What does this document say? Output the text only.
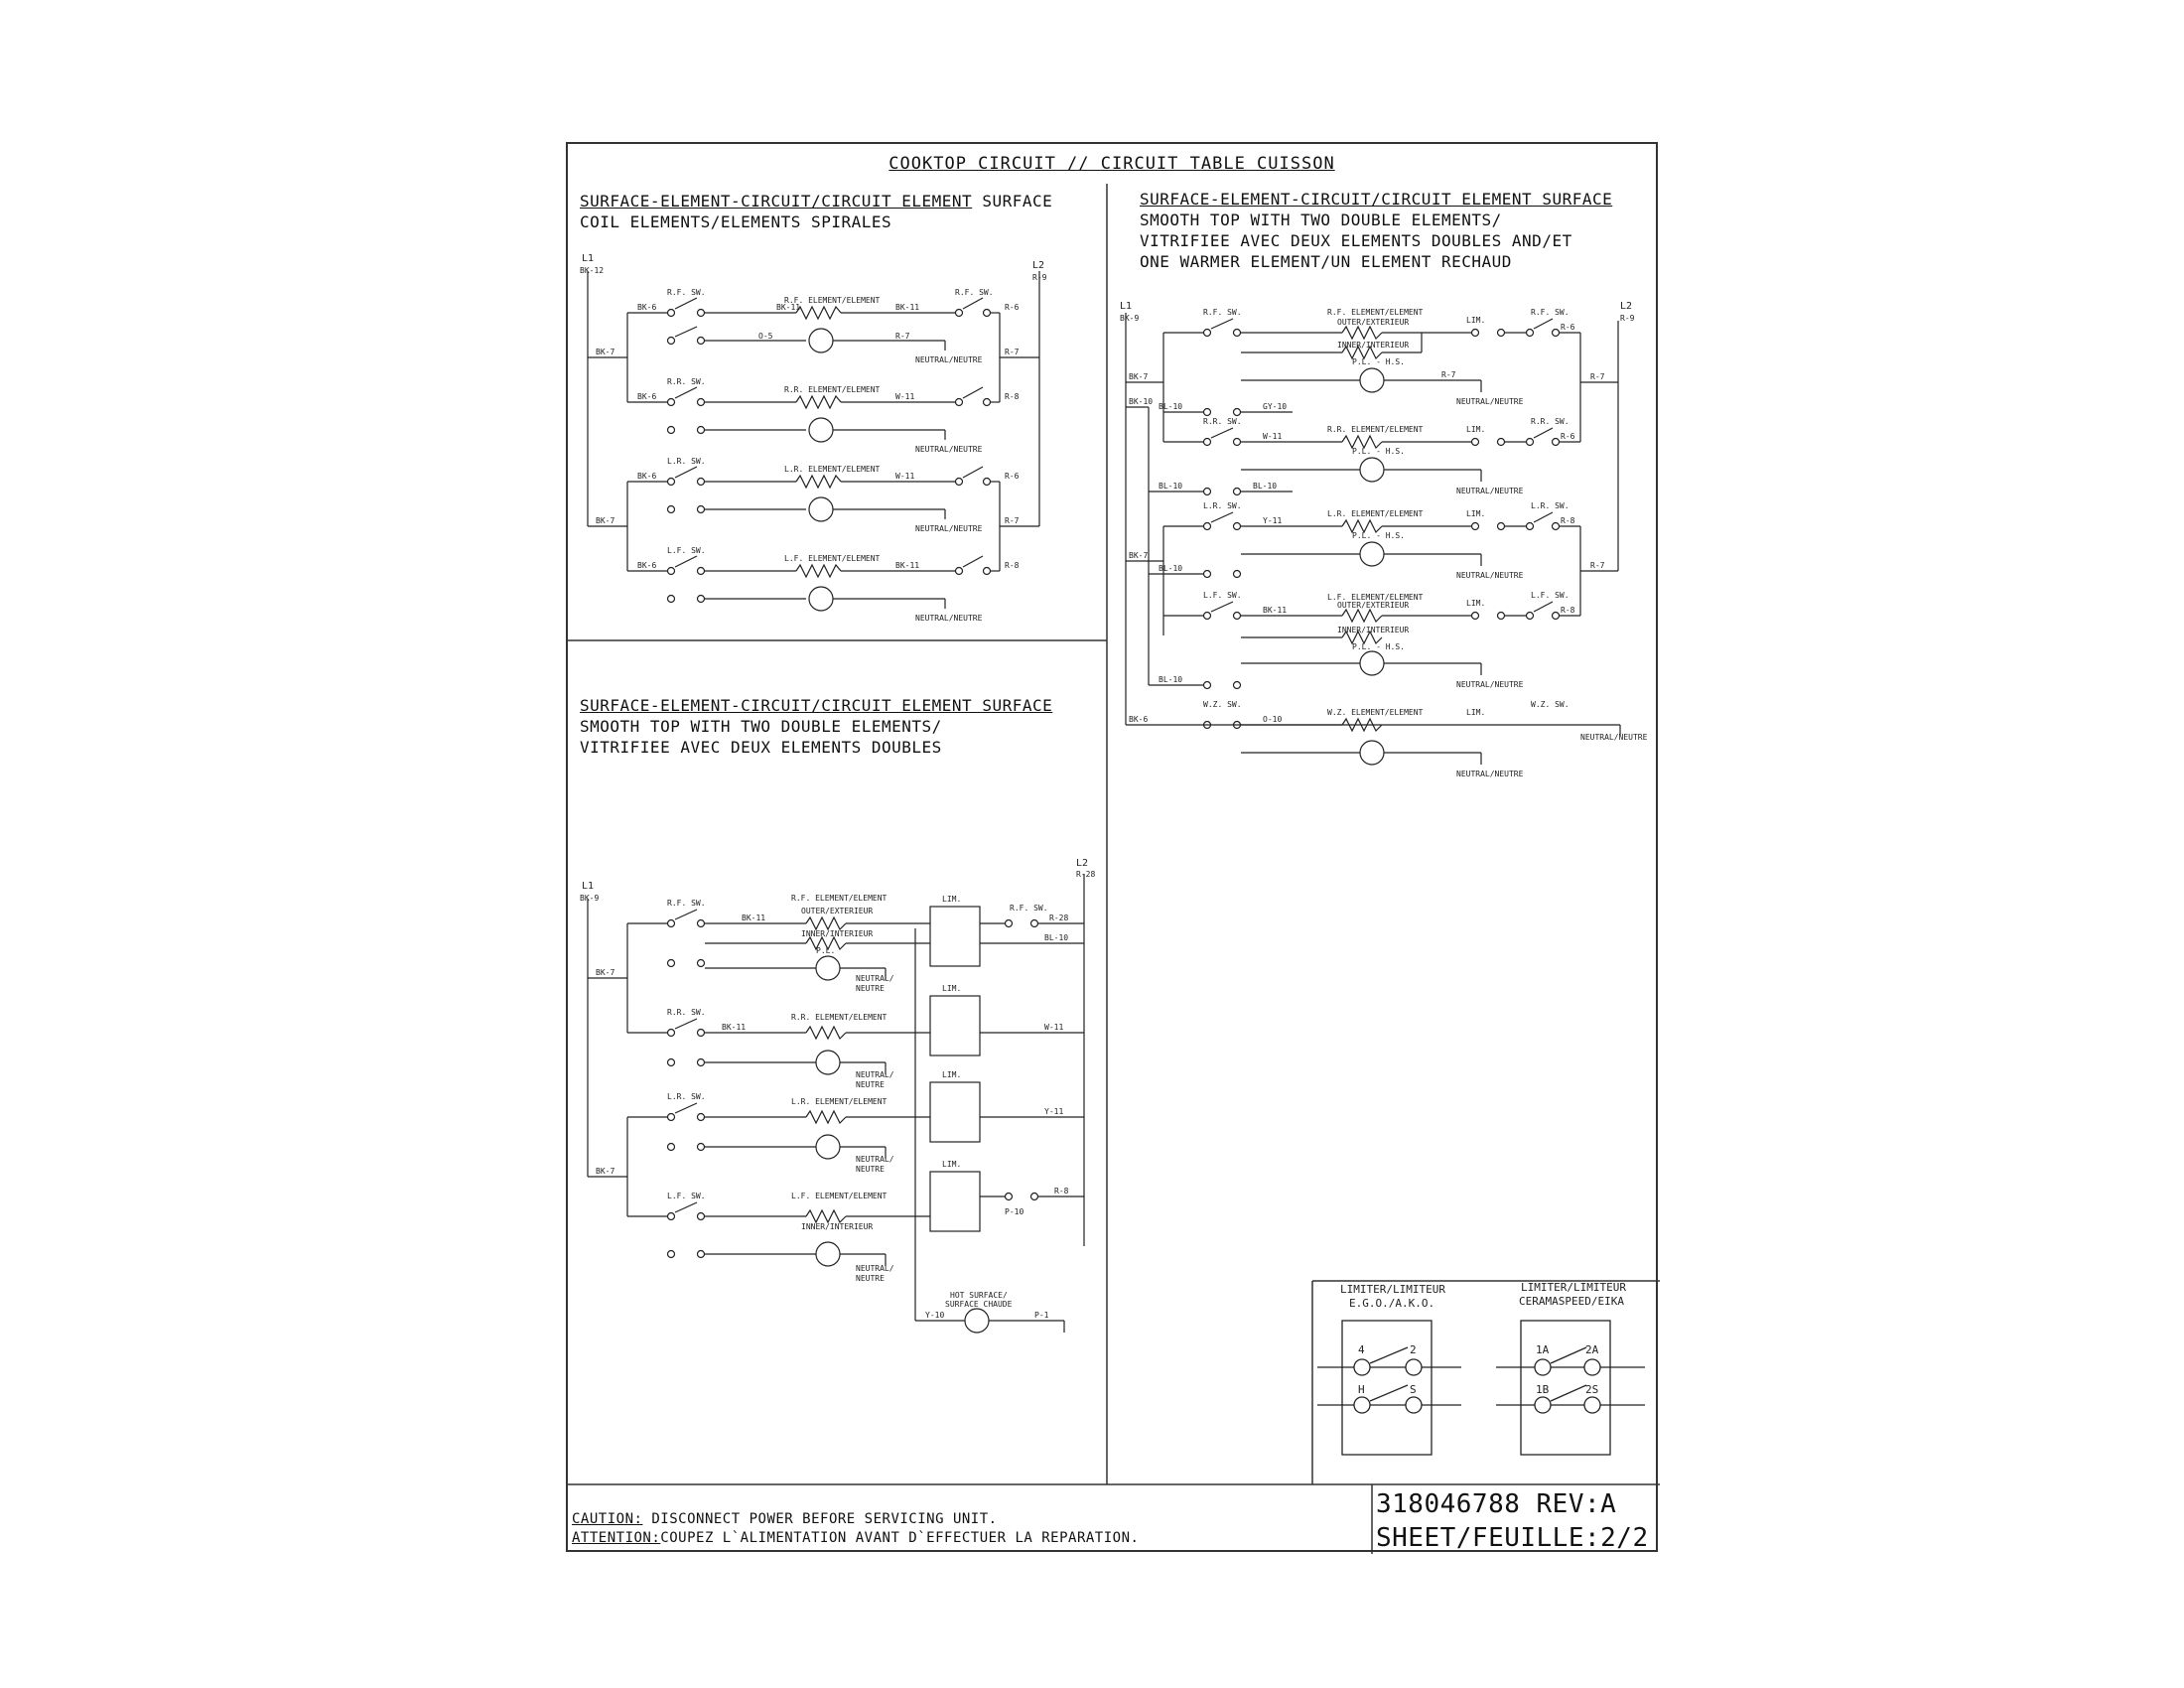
COOKTOP CIRCUIT // CIRCUIT TABLE CUISSON
SURFACE-ELEMENT-CIRCUIT/CIRCUIT ELEMENT SURFACE
COIL ELEMENTS/ELEMENTS SPIRALES
SURFACE-ELEMENT-CIRCUIT/CIRCUIT ELEMENT SURFACE
SMOOTH TOP WITH TWO DOUBLE ELEMENTS/
VITRIFIEE AVEC DEUX ELEMENTS DOUBLES AND/ET
ONE WARMER ELEMENT/UN ELEMENT RECHAUD
SURFACE-ELEMENT-CIRCUIT/CIRCUIT ELEMENT SURFACE
SMOOTH TOP WITH TWO DOUBLE ELEMENTS/
VITRIFIEE AVEC DEUX ELEMENTS DOUBLES
CAUTION: DISCONNECT POWER BEFORE SERVICING UNIT.
ATTENTION:COUPEZ L`ALIMENTATION AVANT D`EFFECTUER LA REPARATION.
318046788 REV:A
SHEET/FEUILLE:2/2
L1
BK-12	L2
R-9
BK-7
BK-7
R-7
R-7
BK-6
R.F. SW.
R.F. ELEMENT/ELEMENT
BK-11	BK-11
R.F. SW.
R-6
O-5	R-7
NEUTRAL/NEUTRE
BK-6
R.R. SW.
R.R. ELEMENT/ELEMENT
W-11	R-8
NEUTRAL/NEUTRE
BK-6
L.R. SW.
L.R. ELEMENT/ELEMENT
W-11	R-6
NEUTRAL/NEUTRE
BK-6
L.F. SW.
L.F. ELEMENT/ELEMENT
BK-11	R-8
NEUTRAL/NEUTRE
L1
BK-9
L2
R-9
BK-7
BK-10
BK-7
BK-6
R-7
R-7
R.F. SW.	R.F. ELEMENT/ELEMENT
OUTER/EXTERIEUR
INNER/INTERIEUR
P.L. - H.S.
LIM.
R.F. SW.
R-6
R-7
NEUTRAL/NEUTRE
GY-10
BL-10
R.R. SW.
R.R. ELEMENT/ELEMENT
W-11
P.L. - H.S.
LIM.
R.R. SW.
R-6
NEUTRAL/NEUTRE
BL-10	BL-10
L.R. SW.
L.R. ELEMENT/ELEMENT
Y-11
P.L. - H.S.
LIM.
L.R. SW.
R-8
NEUTRAL/NEUTRE
BL-10
L.F. SW.	L.F. ELEMENT/ELEMENT
OUTER/EXTERIEUR
BK-11
INNER/INTERIEUR
P.L. - H.S.
LIM.
L.F. SW.
R-8
NEUTRAL/NEUTRE
BL-10
W.Z. SW.
W.Z. ELEMENT/ELEMENT
O-10
LIM.
W.Z. SW.
NEUTRAL/NEUTRE
NEUTRAL/NEUTRE
L1
BK-9
L2
R-28
BK-7
BK-7
R.F. SW.
R.F. ELEMENT/ELEMENT
OUTER/EXTERIEUR
INNER/INTERIEUR
BK-11
P.L.
NEUTRAL/
NEUTRE
LIM.
R.F. SW.
R-28
BL-10
R.R. SW.
R.R. ELEMENT/ELEMENT
BK-11	W-11
LIM.
NEUTRAL/
NEUTRE
L.R. SW.
L.R. ELEMENT/ELEMENT
Y-11
LIM.
NEUTRAL/
NEUTRE
L.F. SW.	L.F. ELEMENT/ELEMENT
INNER/INTERIEUR
LIM.
R-8
P-10
NEUTRAL/
NEUTRE
HOT SURFACE/
SURFACE CHAUDE
Y-10	P-1
LIMITER/LIMITEUR
E.G.O./A.K.O.
4	2
H	S
LIMITER/LIMITEUR
CERAMASPEED/EIKA
1A	2A
1B	2S
